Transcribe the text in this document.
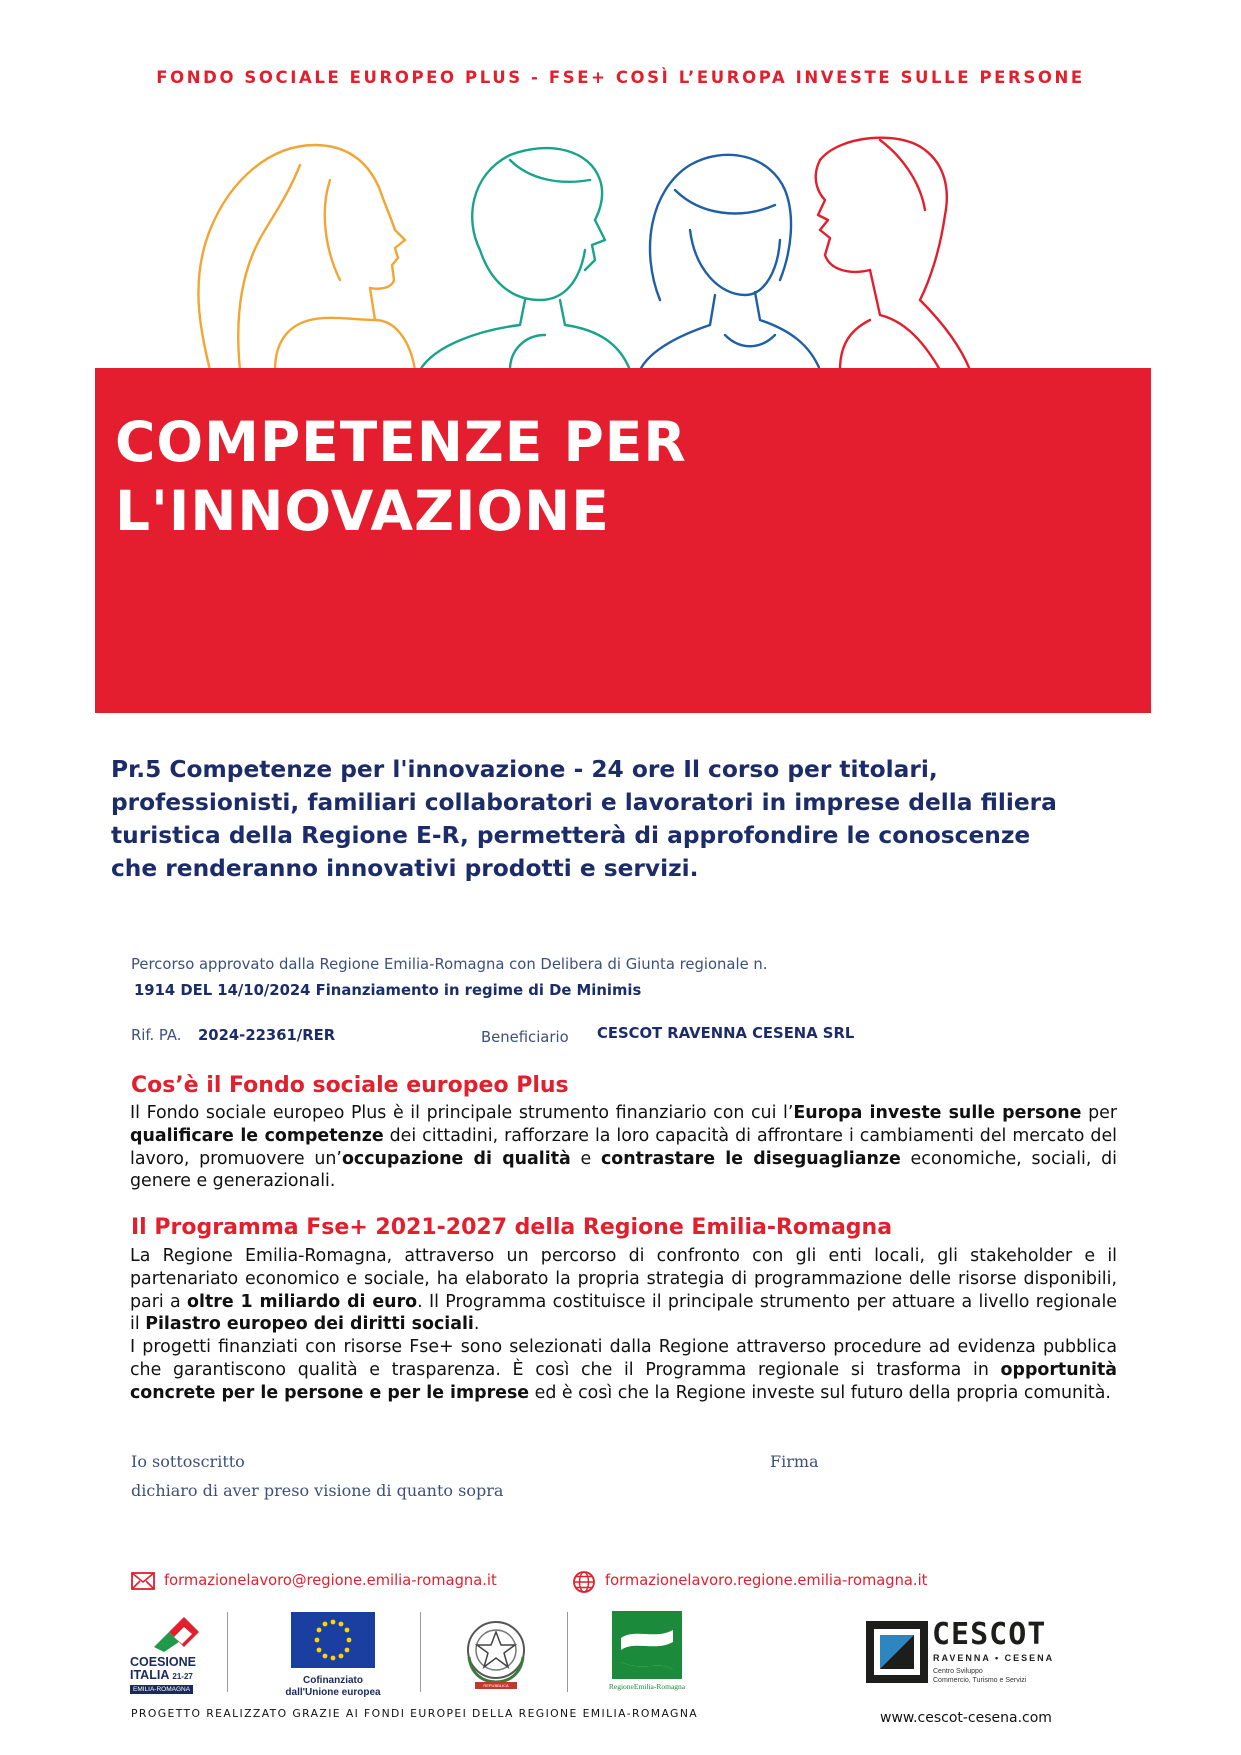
FONDO SOCIALE EUROPEO PLUS - FSE+ COSÌ L’EUROPA INVESTE SULLE PERSONE
COMPETENZE PER
L'INNOVAZIONE
Pr.5 Competenze per l'innovazione - 24 ore Il corso per titolari, professionisti, familiari collaboratori e lavoratori in imprese della filiera turistica della Regione E-R, permetterà di approfondire le conoscenze che renderanno innovativi prodotti e servizi.
Percorso approvato dalla Regione Emilia-Romagna con Delibera di Giunta regionale n.
1914 DEL 14/10/2024 Finanziamento in regime di De Minimis
Rif. PA. 2024-22361/RER	Beneficiario CESCOT RAVENNA CESENA SRL
Cos’è il Fondo sociale europeo Plus
Il Fondo sociale europeo Plus è il principale strumento finanziario con cui l’Europa investe sulle persone per qualificare le competenze dei cittadini, rafforzare la loro capacità di affrontare i cambiamenti del mercato del lavoro, promuovere un’occupazione di qualità e contrastare le diseguaglianze economiche, sociali, di genere e generazionali.
Il Programma Fse+ 2021-2027 della Regione Emilia-Romagna
La Regione Emilia-Romagna, attraverso un percorso di confronto con gli enti locali, gli stakeholder e il partenariato economico e sociale, ha elaborato la propria strategia di programmazione delle risorse disponibili, pari a oltre 1 miliardo di euro. Il Programma costituisce il principale strumento per attuare a livello regionale il Pilastro europeo dei diritti sociali.
I progetti finanziati con risorse Fse+ sono selezionati dalla Regione attraverso procedure ad evidenza pubblica che garantiscono qualità e trasparenza. È così che il Programma regionale si trasforma in opportunità concrete per le persone e per le imprese ed è così che la Regione investe sul futuro della propria comunità.
Io sottoscritto	Firma
dichiaro di aver preso visione di quanto sopra
formazionelavoro@regione.emilia-romagna.it	formazionelavoro.regione.emilia-romagna.it
COESIONE
ITALIA 21-27
EMILIA-ROMAGNA
Cofinanziato
dall'Unione europea
REPUBBLICA ITALIANA	RegioneEmilia-Romagna
CESCOT
RAVENNA • CESENA
Centro Sviluppo
Commercio, Turismo e Servizi
PROGETTO REALIZZATO GRAZIE AI FONDI EUROPEI DELLA REGIONE EMILIA-ROMAGNA	www.cescot-cesena.com
